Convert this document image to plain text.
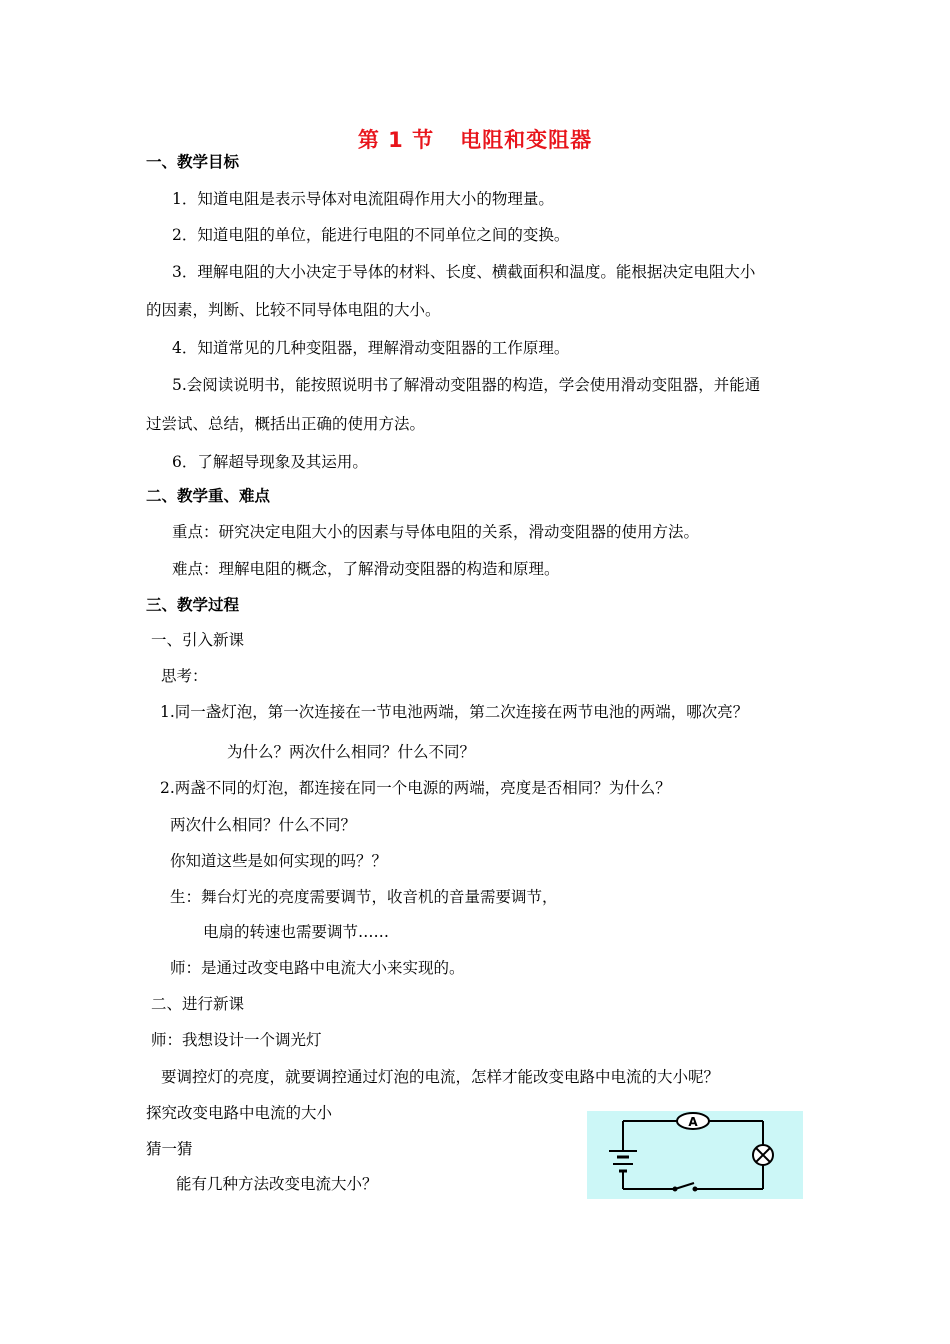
第 1 节 电阻和变阻器
一、教学目标
1．知道电阻是表示导体对电流阻碍作用大小的物理量。
2．知道电阻的单位，能进行电阻的不同单位之间的变换。
3．理解电阻的大小决定于导体的材料、长度、横截面积和温度。能根据决定电阻大小
的因素，判断、比较不同导体电阻的大小。
4．知道常见的几种变阻器，理解滑动变阻器的工作原理。
5.会阅读说明书，能按照说明书了解滑动变阻器的构造，学会使用滑动变阻器，并能通
过尝试、总结，概括出正确的使用方法。
6．了解超导现象及其运用。
二、教学重、难点
重点：研究决定电阻大小的因素与导体电阻的关系，滑动变阻器的使用方法。
难点：理解电阻的概念，了解滑动变阻器的构造和原理。
三、教学过程
一、引入新课
思考：
1.同一盏灯泡，第一次连接在一节电池两端，第二次连接在两节电池的两端，哪次亮？
为什么？两次什么相同？什么不同？
2.两盏不同的灯泡，都连接在同一个电源的两端，亮度是否相同？为什么？
两次什么相同？什么不同？
你知道这些是如何实现的吗？？
生：舞台灯光的亮度需要调节，收音机的音量需要调节，
电扇的转速也需要调节……
师：是通过改变电路中电流大小来实现的。
二、进行新课
师：我想设计一个调光灯
要调控灯的亮度，就要调控通过灯泡的电流，怎样才能改变电路中电流的大小呢？
探究改变电路中电流的大小
猜一猜
能有几种方法改变电流大小？
A
